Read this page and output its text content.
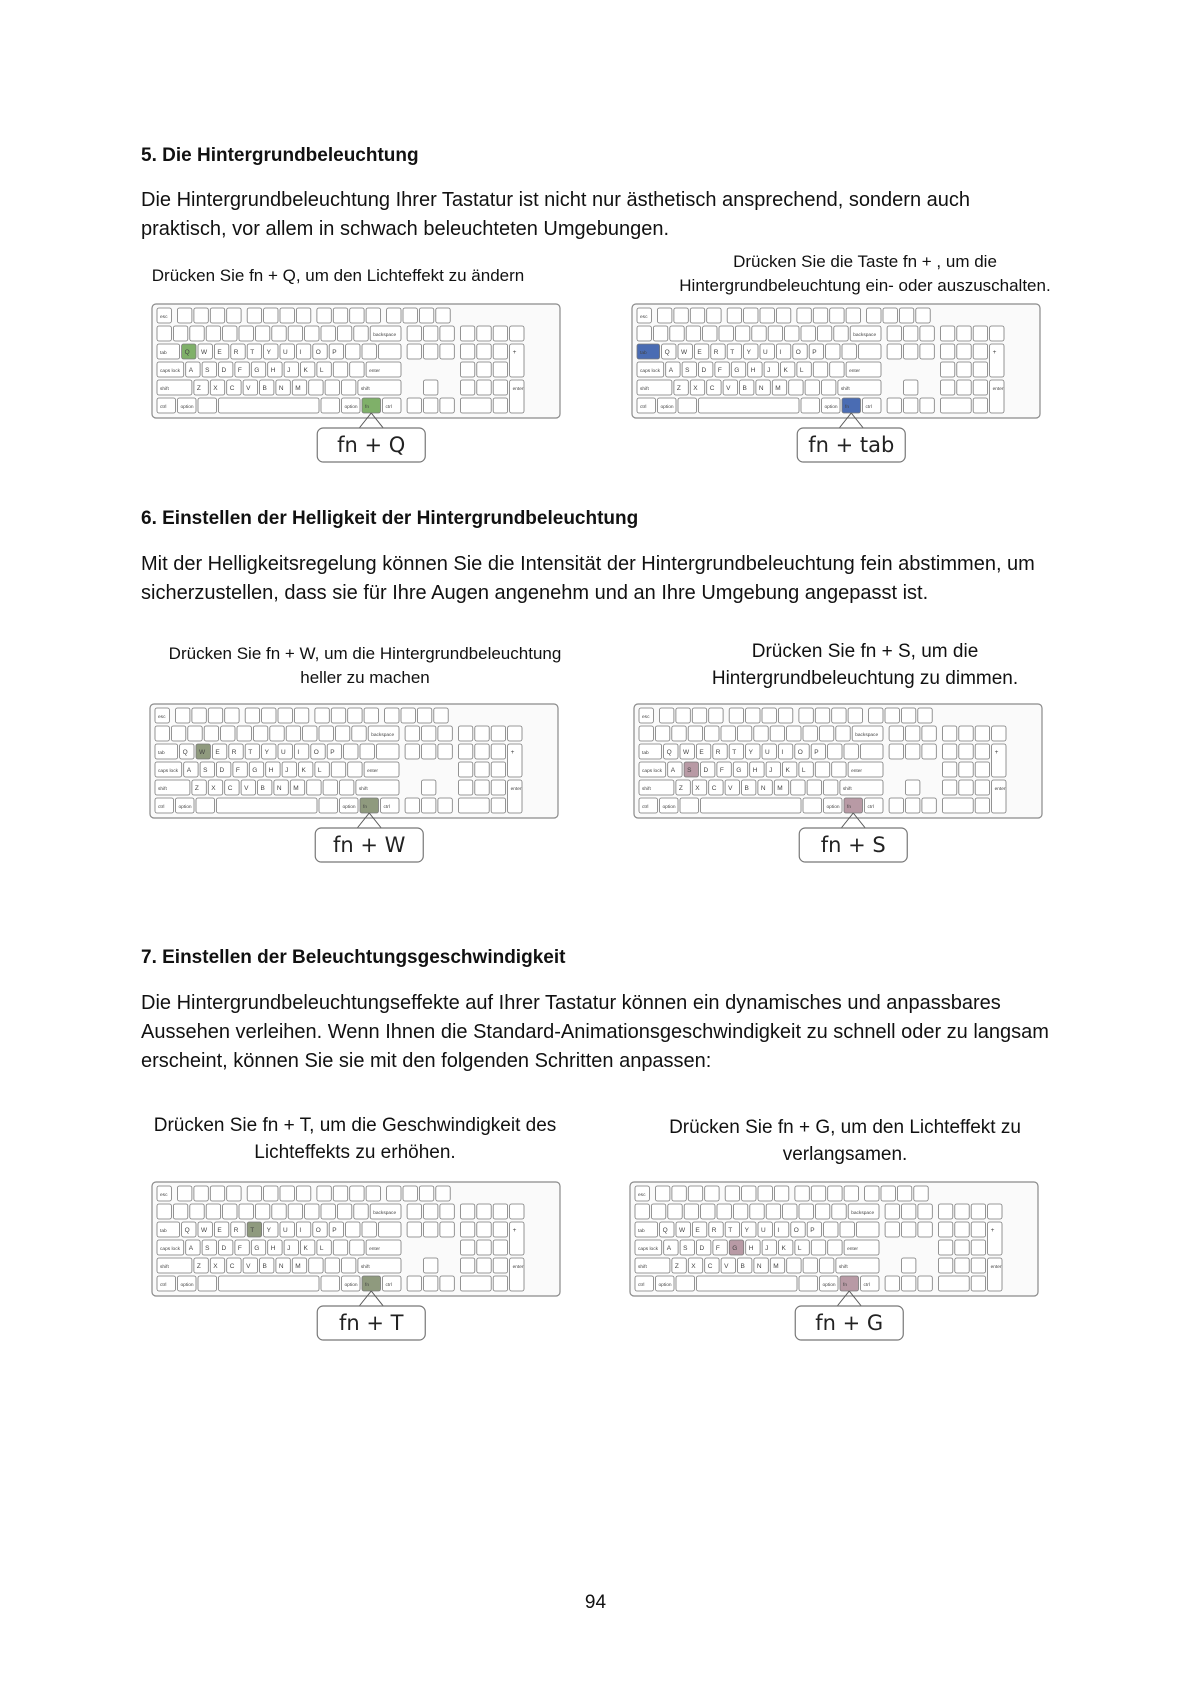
5. Die Hintergrundbeleuchtung

Die Hintergrundbeleuchtung Ihrer Tastatur ist nicht nur ästhetisch ansprechend, sondern auch praktisch, vor allem in schwach beleuchteten Umgebungen.

Drücken Sie fn + Q, um den Lichteffekt zu ändern
Drücken Sie die Taste fn + , um die Hintergrundbeleuchtung ein- oder auszuschalten.
esc
backspace
tab	Q W E R T Y U I O P	+
caps lock A S D F G H J K L	enter
shift	Z X C V B N M	shift	enter
ctrl	option	option fn	ctrl
fn + Q
esc
backspace
tab	Q W E R T Y U I O P	+
caps lock A S D F G H J K L	enter
shift	Z X C V B N M	shift	enter
ctrl	option	option fn	ctrl
fn + tab
6. Einstellen der Helligkeit der Hintergrundbeleuchtung

Mit der Helligkeitsregelung können Sie die Intensität der Hintergrundbeleuchtung fein abstimmen, um sicherzustellen, dass sie für Ihre Augen angenehm und an Ihre Umgebung angepasst ist.

Drücken Sie fn + W, um die Hintergrundbeleuchtung heller zu machen
Drücken Sie fn + S, um die Hintergrundbeleuchtung zu dimmen.
esc
backspace
tab	Q W E R T Y U I O P	+
caps lock A S D F G H J K L	enter
shift	Z X C V B N M	shift	enter
ctrl	option	option fn	ctrl
fn + W
esc
backspace
tab	Q W E R T Y U I O P	+
caps lock A S D F G H J K L	enter
shift	Z X C V B N M	shift	enter
ctrl	option	option fn	ctrl
fn + S
7. Einstellen der Beleuchtungsgeschwindigkeit

Die Hintergrundbeleuchtungseffekte auf Ihrer Tastatur können ein dynamisches und anpassbares Aussehen verleihen. Wenn Ihnen die Standard-Animationsgeschwindigkeit zu schnell oder zu langsam erscheint, können Sie sie mit den folgenden Schritten anpassen:

Drücken Sie fn + T, um die Geschwindigkeit des Lichteffekts zu erhöhen.
Drücken Sie fn + G, um den Lichteffekt zu verlangsamen.
esc
backspace
tab	Q W E R T Y U I O P	+
caps lock A S D F G H J K L	enter
shift	Z X C V B N M	shift	enter
ctrl	option	option fn	ctrl
fn + T
esc
backspace
tab	Q W E R T Y U I O P	+
caps lock A S D F G H J K L	enter
shift	Z X C V B N M	shift	enter
ctrl	option	option fn	ctrl
fn + G
94
